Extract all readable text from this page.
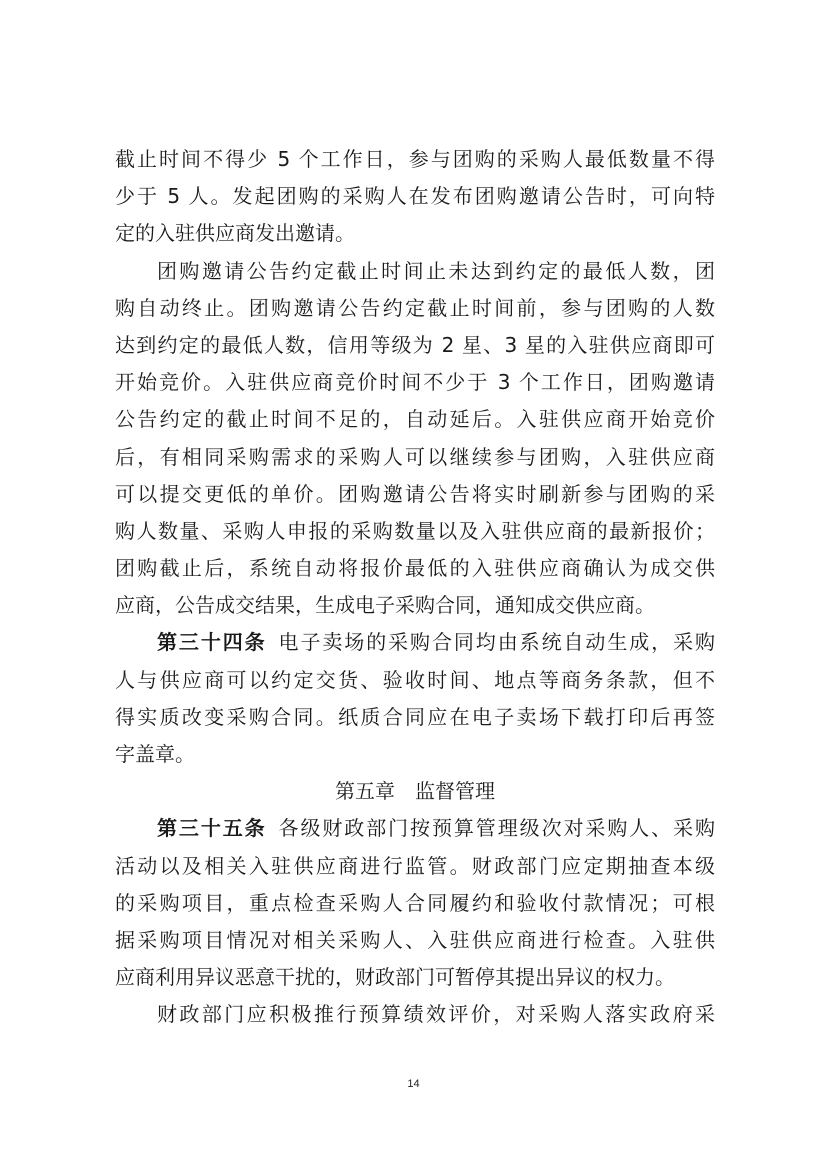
截止时间不得少 5 个工作日，参与团购的采购人最低数量不得
少于 5 人。发起团购的采购人在发布团购邀请公告时，可向特
定的入驻供应商发出邀请。
团购邀请公告约定截止时间止未达到约定的最低人数，团
购自动终止。团购邀请公告约定截止时间前，参与团购的人数
达到约定的最低人数，信用等级为 2 星、3 星的入驻供应商即可
开始竞价。入驻供应商竞价时间不少于 3 个工作日，团购邀请
公告约定的截止时间不足的，自动延后。入驻供应商开始竞价
后，有相同采购需求的采购人可以继续参与团购，入驻供应商
可以提交更低的单价。团购邀请公告将实时刷新参与团购的采
购人数量、采购人申报的采购数量以及入驻供应商的最新报价；
团购截止后，系统自动将报价最低的入驻供应商确认为成交供
应商，公告成交结果，生成电子采购合同，通知成交供应商。
第三十四条  电子卖场的采购合同均由系统自动生成，采购
人与供应商可以约定交货、验收时间、地点等商务条款，但不
得实质改变采购合同。纸质合同应在电子卖场下载打印后再签
字盖章。
第五章　监督管理
第三十五条  各级财政部门按预算管理级次对采购人、采购
活动以及相关入驻供应商进行监管。财政部门应定期抽查本级
的采购项目，重点检查采购人合同履约和验收付款情况；可根
据采购项目情况对相关采购人、入驻供应商进行检查。入驻供
应商利用异议恶意干扰的，财政部门可暂停其提出异议的权力。
财政部门应积极推行预算绩效评价，对采购人落实政府采
14
